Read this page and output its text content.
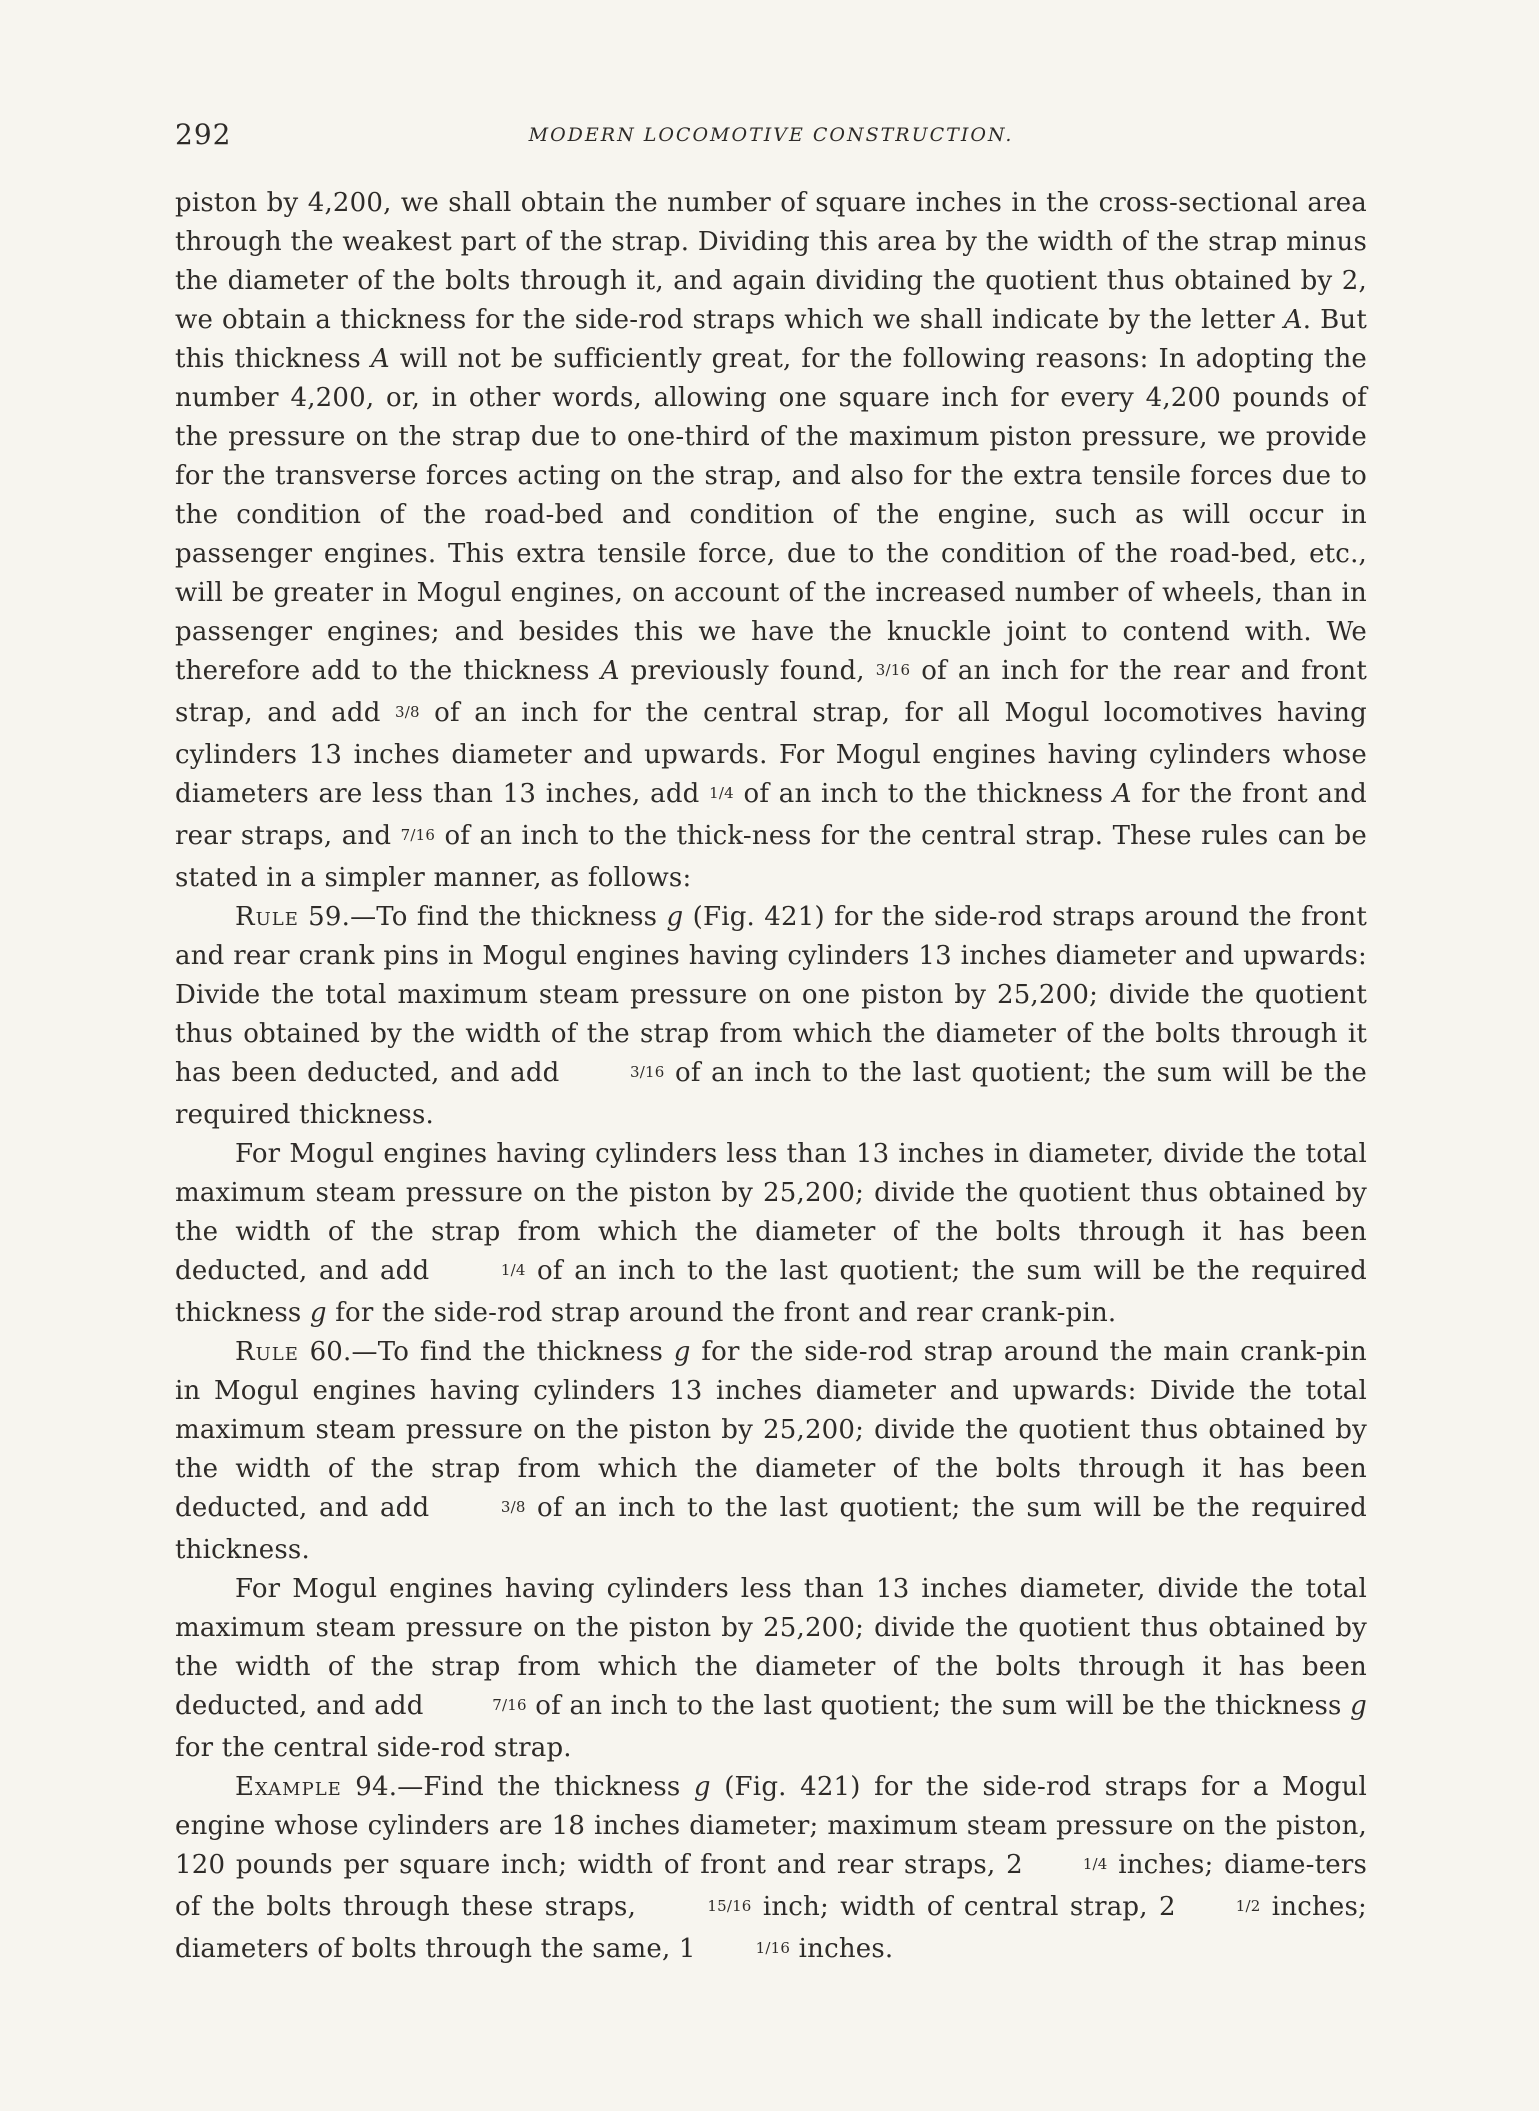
292	MODERN LOCOMOTIVE CONSTRUCTION.

piston by 4,200, we shall obtain the number of square inches in the cross-sectional area through the weakest part of the strap. Dividing this area by the width of the strap minus the diameter of the bolts through it, and again dividing the quotient thus obtained by 2, we obtain a thickness for the side-rod straps which we shall indicate by the letter A. But this thickness A will not be sufficiently great, for the following reasons: In adopting the number 4,200, or, in other words, allowing one square inch for every 4,200 pounds of the pressure on the strap due to one-third of the maximum piston pressure, we provide for the transverse forces acting on the strap, and also for the extra tensile forces due to the condition of the road-bed and condition of the engine, such as will occur in passenger engines. This extra tensile force, due to the condition of the road-bed, etc., will be greater in Mogul engines, on account of the increased number of wheels, than in passenger engines; and besides this we have the knuckle joint to contend with. We therefore add to the thickness A previously found, 3/16 of an inch for the rear and front strap, and add 3/8 of an inch for the central strap, for all Mogul locomotives having cylinders 13 inches diameter and upwards. For Mogul engines having cylinders whose diameters are less than 13 inches, add 1/4 of an inch to the thickness A for the front and rear straps, and 7/16 of an inch to the thick-ness for the central strap. These rules can be stated in a simpler manner, as follows:

Rule 59.—To find the thickness g (Fig. 421) for the side-rod straps around the front and rear crank pins in Mogul engines having cylinders 13 inches diameter and upwards: Divide the total maximum steam pressure on one piston by 25,200; divide the quotient thus obtained by the width of the strap from which the diameter of the bolts through it has been deducted, and add	3/16 of an inch to the last quotient; the sum will be the required thickness.

For Mogul engines having cylinders less than 13 inches in diameter, divide the total maximum steam pressure on the piston by 25,200; divide the quotient thus obtained by the width of the strap from which the diameter of the bolts through it has been deducted, and add	1/4 of an inch to the last quotient; the sum will be the required thickness g for the side-rod strap around the front and rear crank-pin.

Rule 60.—To find the thickness g for the side-rod strap around the main crank-pin in Mogul engines having cylinders 13 inches diameter and upwards: Divide the total maximum steam pressure on the piston by 25,200; divide the quotient thus obtained by the width of the strap from which the diameter of the bolts through it has been deducted, and add	3/8 of an inch to the last quotient; the sum will be the required thickness.

For Mogul engines having cylinders less than 13 inches diameter, divide the total maximum steam pressure on the piston by 25,200; divide the quotient thus obtained by the width of the strap from which the diameter of the bolts through it has been deducted, and add	7/16 of an inch to the last quotient; the sum will be the thickness g for the central side-rod strap.

Example 94.—Find the thickness g (Fig. 421) for the side-rod straps for a Mogul engine whose cylinders are 18 inches diameter; maximum steam pressure on the piston, 120 pounds per square inch; width of front and rear straps, 2	1/4 inches; diame-ters of the bolts through these straps,	15/16 inch; width of central strap, 2	1/2 inches; diameters of bolts through the same, 1	1/16 inches.
